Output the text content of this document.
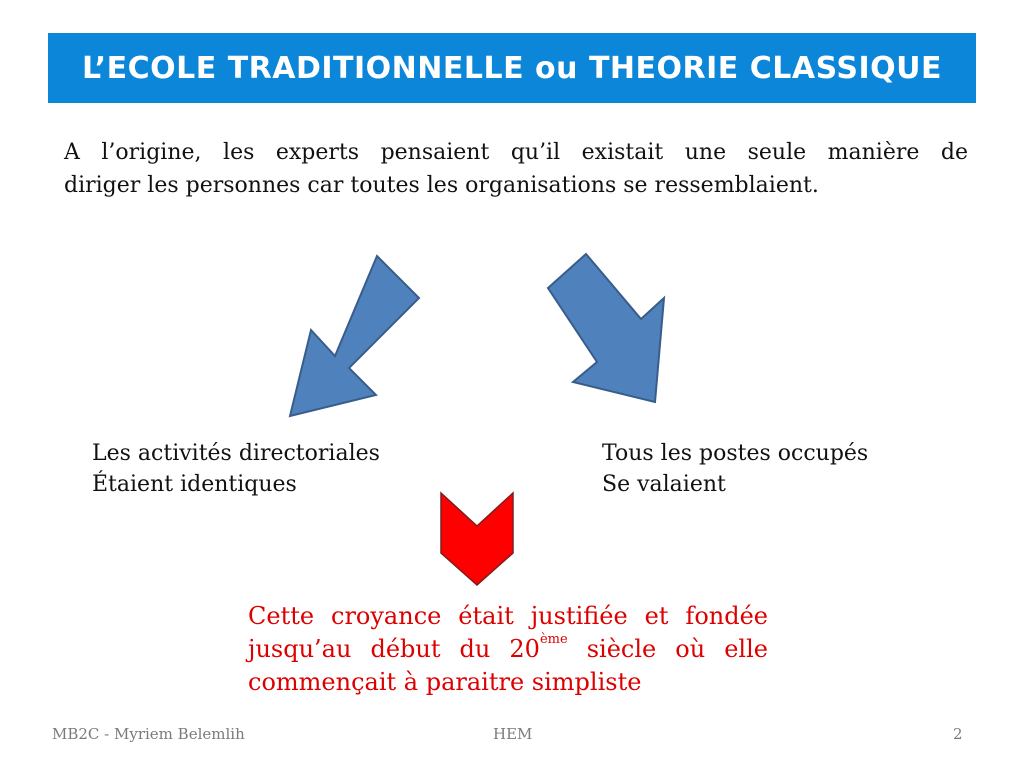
L’ECOLE TRADITIONNELLE ou THEORIE CLASSIQUE
A l’origine, les experts pensaient qu’il existait une seule manière de
diriger les personnes car toutes les organisations se ressemblaient.
Les activités directoriales
Étaient identiques
Tous les postes occupés
Se valaient
Cette croyance était justifiée et fondée
jusqu’au début du 20ème siècle où elle
commençait à paraitre simpliste
MB2C - Myriem Belemlih	HEM	2
